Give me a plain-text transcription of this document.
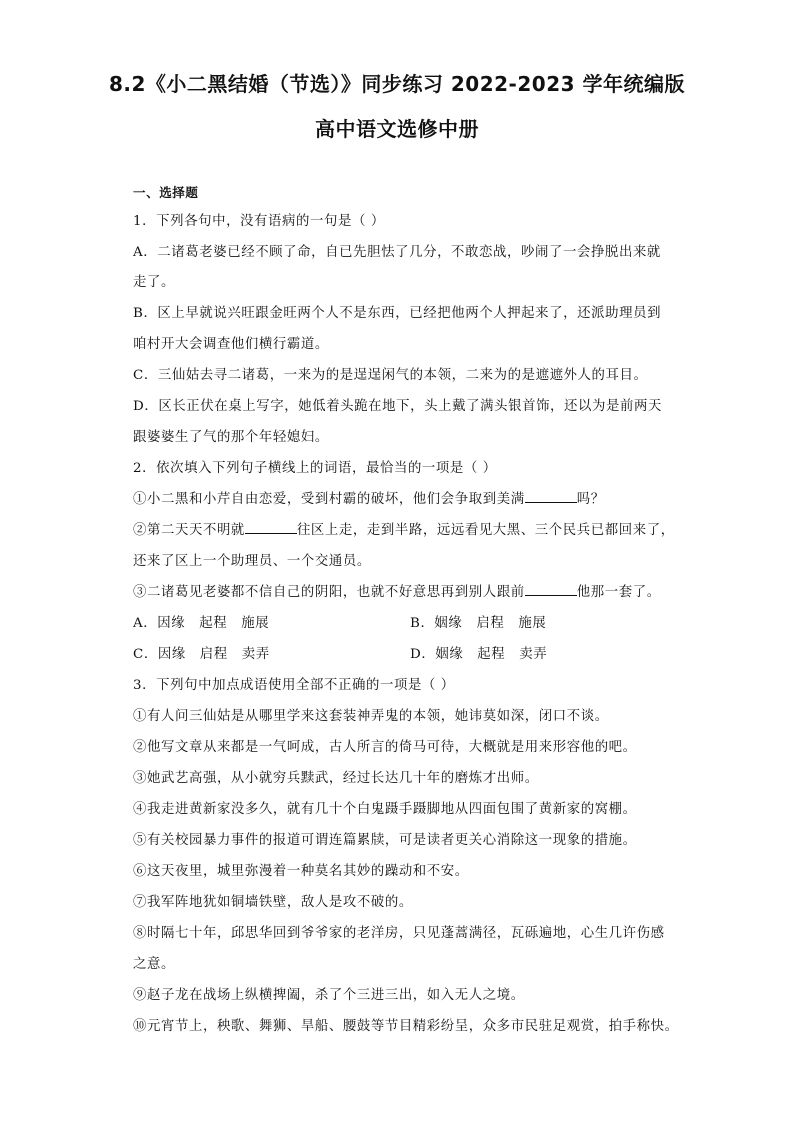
8.2《小二黑结婚（节选）》同步练习 2022-2023 学年统编版
高中语文选修中册
一、选择题
1．下列各句中，没有语病的一句是（ ）
A．二诸葛老婆已经不顾了命，自已先胆怯了几分，不敢恋战，吵闹了一会挣脱出来就
走了。
B．区上早就说兴旺跟金旺两个人不是东西，已经把他两个人押起来了，还派助理员到
咱村开大会调查他们横行霸道。
C．三仙姑去寻二诸葛，一来为的是逞逞闲气的本领，二来为的是遮遮外人的耳目。
D．区长正伏在桌上写字，她低着头跪在地下，头上戴了满头银首饰，还以为是前两天
跟婆婆生了气的那个年轻媳妇。
2．依次填入下列句子横线上的词语，最恰当的一项是（ ）
①小二黑和小芹自由恋爱，受到村霸的破坏，他们会争取到美满	吗？
②第二天天不明就	往区上走，走到半路，远远看见大黑、三个民兵已都回来了，
还来了区上一个助理员、一个交通员。
③二诸葛见老婆都不信自己的阴阳，也就不好意思再到别人跟前	他那一套了。
A．因缘　起程　施展	B．姻缘　启程　施展
C．因缘　启程　卖弄	D．姻缘　起程　卖弄
3．下列句中加点成语使用全部不正确的一项是（ ）
①有人问三仙姑是从哪里学来这套装神弄鬼的本领，她讳莫如深，闭口不谈。
②他写文章从来都是一气呵成，古人所言的倚马可待，大概就是用来形容他的吧。
③她武艺高强，从小就穷兵黩武，经过长达几十年的磨炼才出师。
④我走进黄新家没多久，就有几十个白鬼蹑手蹑脚地从四面包围了黄新家的窝棚。
⑤有关校园暴力事件的报道可谓连篇累牍，可是读者更关心消除这一现象的措施。
⑥这天夜里，城里弥漫着一种莫名其妙的躁动和不安。
⑦我军阵地犹如铜墙铁壁，敌人是攻不破的。
⑧时隔七十年，邱思华回到爷爷家的老洋房，只见蓬蒿满径，瓦砾遍地，心生几许伤感
之意。
⑨赵子龙在战场上纵横捭阖，杀了个三进三出，如入无人之境。
⑩元宵节上，秧歌、舞狮、旱船、腰鼓等节目精彩纷呈，众多市民驻足观赏，拍手称快。
